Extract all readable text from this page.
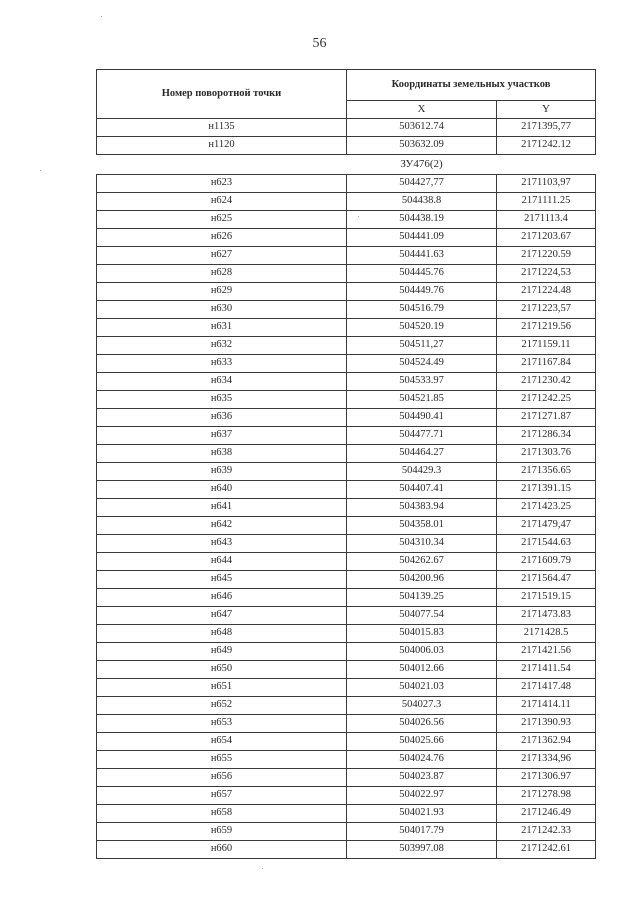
56
Номер поворотной точки	Координаты земельных участков	
	X	Y
н1135	503612.74	2171395,77
н1120	503632.09	2171242.12
	ЗУ476(2)	
н623	504427,77	2171103,97
н624	504438.8	2171111.25
н625	504438.19	2171113.4
н626	504441.09	2171203.67
н627	504441.63	2171220.59
н628	504445.76	2171224,53
н629	504449.76	2171224.48
н630	504516.79	2171223,57
н631	504520.19	2171219.56
н632	504511,27	2171159.11
н633	504524.49	2171167.84
н634	504533.97	2171230.42
н635	504521.85	2171242.25
н636	504490.41	2171271.87
н637	504477.71	2171286.34
н638	504464.27	2171303.76
н639	504429.3	2171356.65
н640	504407.41	2171391.15
н641	504383.94	2171423.25
н642	504358.01	2171479,47
н643	504310.34	2171544.63
н644	504262.67	2171609.79
н645	504200.96	2171564.47
н646	504139.25	2171519.15
н647	504077.54	2171473.83
н648	504015.83	2171428.5
н649	504006.03	2171421.56
н650	504012.66	2171411.54
н651	504021.03	2171417.48
н652	504027.3	2171414.11
н653	504026.56	2171390.93
н654	504025.66	2171362.94
н655	504024.76	2171334,96
н656	504023.87	2171306.97
н657	504022.97	2171278.98
н658	504021.93	2171246.49
н659	504017.79	2171242.33
н660	503997.08	2171242.61
